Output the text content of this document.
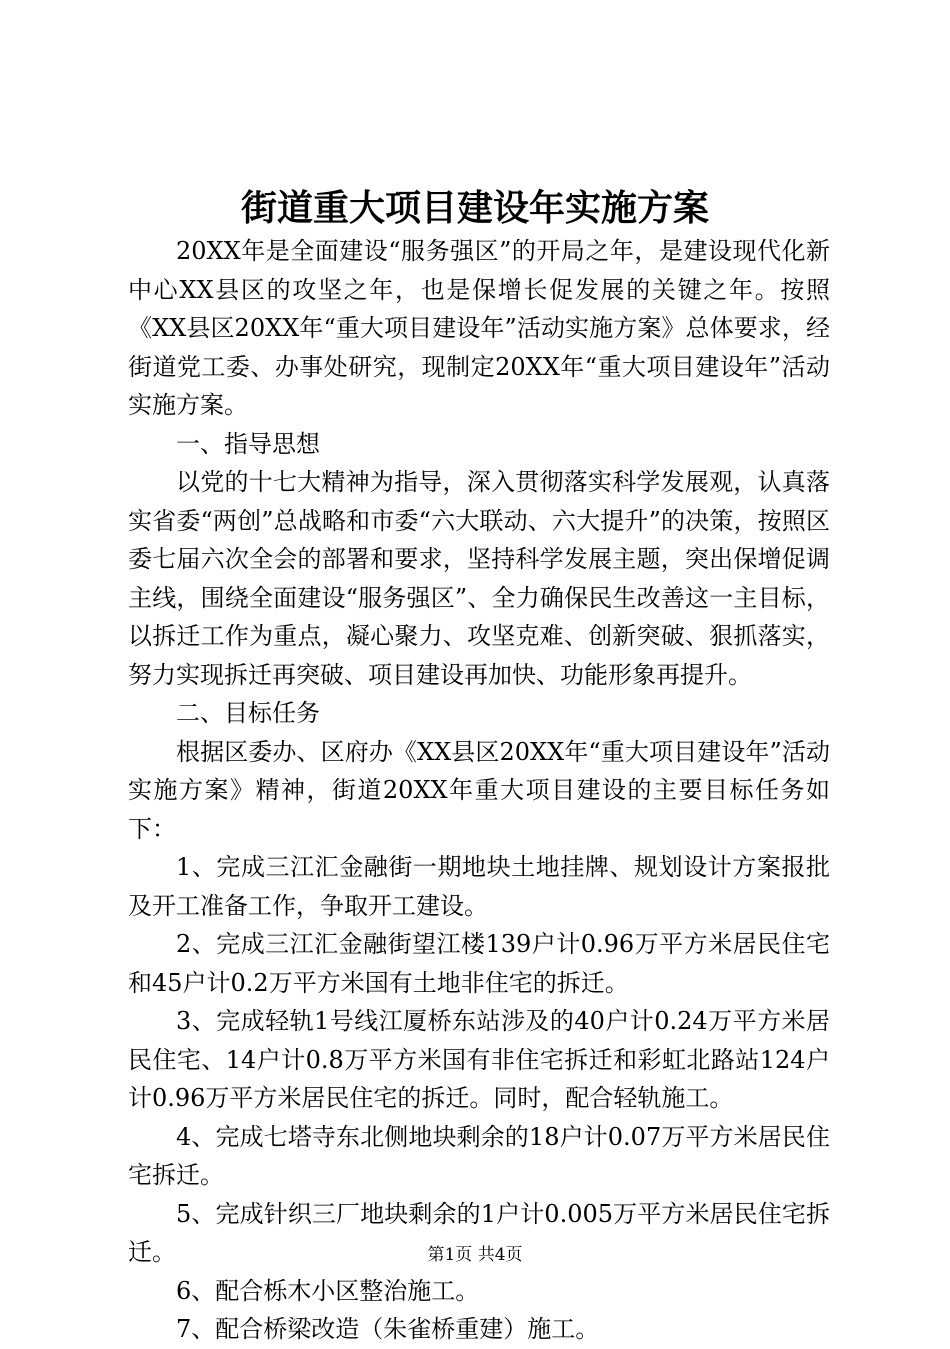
街道重大项目建设年实施方案

20XX年是全面建设“服务强区”的开局之年，是建设现代化新中心XX县区的攻坚之年，也是保增长促发展的关键之年。按照《XX县区20XX年“重大项目建设年”活动实施方案》总体要求，经街道党工委、办事处研究，现制定20XX年“重大项目建设年”活动实施方案。

一、指导思想

以党的十七大精神为指导，深入贯彻落实科学发展观，认真落实省委“两创”总战略和市委“六大联动、六大提升”的决策，按照区委七届六次全会的部署和要求，坚持科学发展主题，突出保增促调主线，围绕全面建设“服务强区”、全力确保民生改善这一主目标，以拆迁工作为重点，凝心聚力、攻坚克难、创新突破、狠抓落实，努力实现拆迁再突破、项目建设再加快、功能形象再提升。

二、目标任务

根据区委办、区府办《XX县区20XX年“重大项目建设年”活动实施方案》精神，街道20XX年重大项目建设的主要目标任务如下：

1、完成三江汇金融街一期地块土地挂牌、规划设计方案报批及开工准备工作，争取开工建设。

2、完成三江汇金融街望江楼139户计0.96万平方米居民住宅和45户计0.2万平方米国有土地非住宅的拆迁。

3、完成轻轨1号线江厦桥东站涉及的40户计0.24万平方米居民住宅、14户计0.8万平方米国有非住宅拆迁和彩虹北路站124户计0.96万平方米居民住宅的拆迁。同时，配合轻轨施工。

4、完成七塔寺东北侧地块剩余的18户计0.07万平方米居民住宅拆迁。

5、完成针织三厂地块剩余的1户计0.005万平方米居民住宅拆迁。

6、配合栎木小区整治施工。

7、配合桥梁改造（朱雀桥重建）施工。

第1页 共4页
